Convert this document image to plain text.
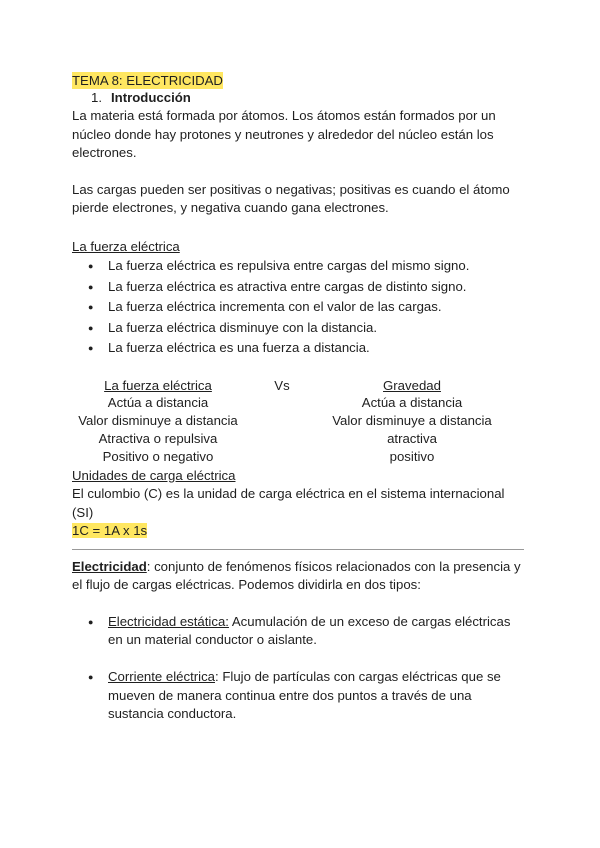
TEMA 8: ELECTRICIDAD
1. Introducción

La materia está formada por átomos. Los átomos están formados por un núcleo donde hay protones y neutrones y alrededor del núcleo están los electrones.

Las cargas pueden ser positivas o negativas; positivas es cuando el átomo pierde electrones, y negativa cuando gana electrones.

La fuerza eléctrica

● La fuerza eléctrica es repulsiva entre cargas del mismo signo.
● La fuerza eléctrica es atractiva entre cargas de distinto signo.
● La fuerza eléctrica incrementa con el valor de las cargas.
● La fuerza eléctrica disminuye con la distancia.
● La fuerza eléctrica es una fuerza a distancia.
La fuerza eléctrica
Actúa a distancia
Valor disminuye a distancia
Atractiva o repulsiva
Positivo o negativo
Vs	Gravedad
Actúa a distancia
Valor disminuye a distancia
atractiva
positivo

Unidades de carga eléctrica

El culombio (C) es la unidad de carga eléctrica en el sistema internacional (SI)

1C = 1A x 1s

Electricidad: conjunto de fenómenos físicos relacionados con la presencia y el flujo de cargas eléctricas. Podemos dividirla en dos tipos:

● Electricidad estática: Acumulación de un exceso de cargas eléctricas en un material conductor o aislante.
● Corriente eléctrica: Flujo de partículas con cargas eléctricas que se mueven de manera continua entre dos puntos a través de una sustancia conductora.
